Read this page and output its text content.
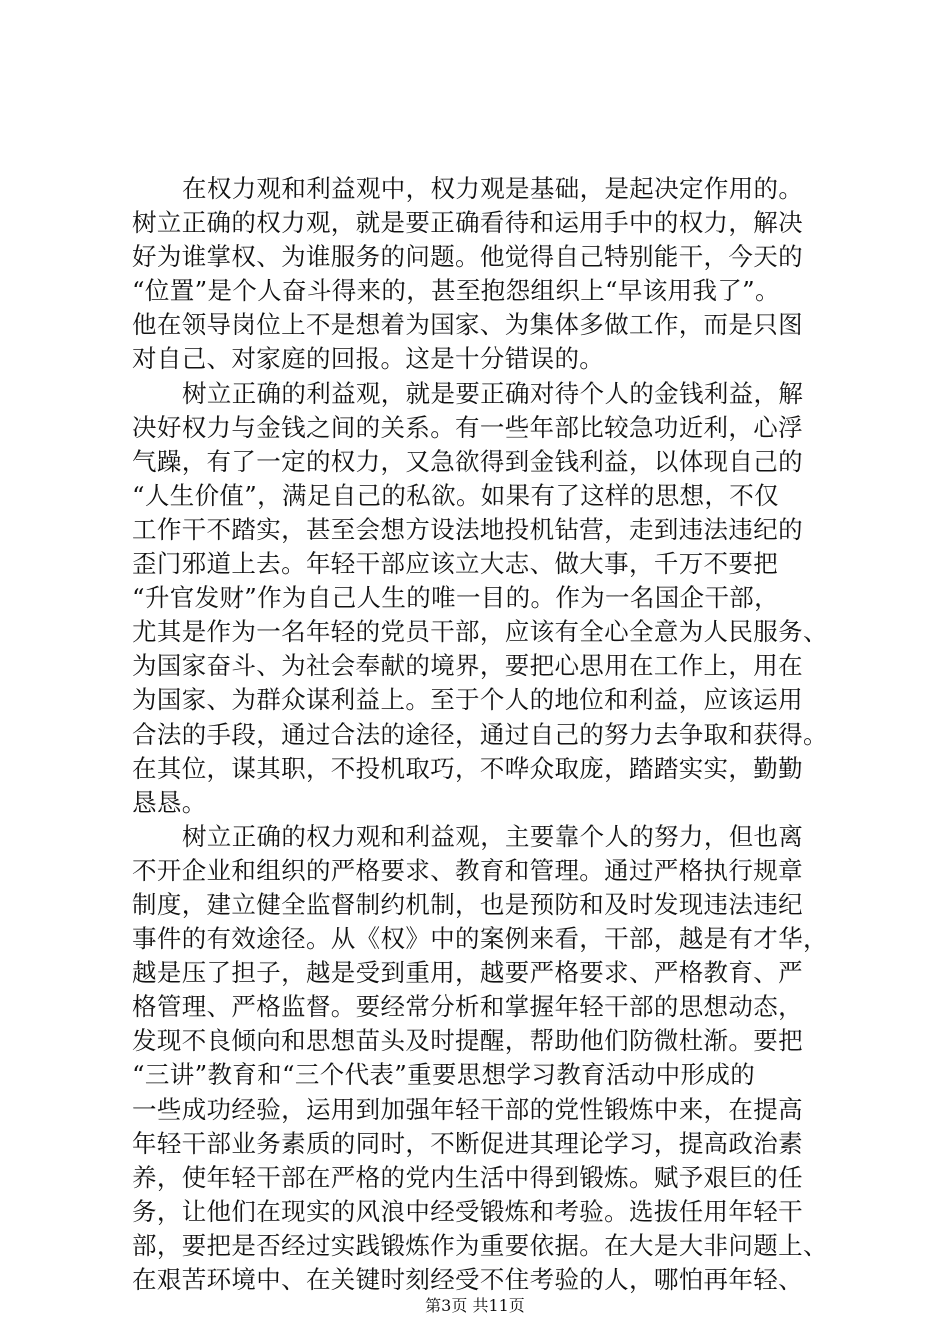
在权力观和利益观中，权力观是基础，是起决定作用的。
树立正确的权力观，就是要正确看待和运用手中的权力，解决
好为谁掌权、为谁服务的问题。他觉得自己特别能干，今天的
“位置”是个人奋斗得来的，甚至抱怨组织上“早该用我了”。
他在领导岗位上不是想着为国家、为集体多做工作，而是只图
对自己、对家庭的回报。这是十分错误的。
树立正确的利益观，就是要正确对待个人的金钱利益，解
决好权力与金钱之间的关系。有一些年部比较急功近利，心浮
气躁，有了一定的权力，又急欲得到金钱利益，以体现自己的
“人生价值”，满足自己的私欲。如果有了这样的思想，不仅
工作干不踏实，甚至会想方设法地投机钻营，走到违法违纪的
歪门邪道上去。年轻干部应该立大志、做大事，千万不要把
“升官发财”作为自己人生的唯一目的。作为一名国企干部，
尤其是作为一名年轻的党员干部，应该有全心全意为人民服务、
为国家奋斗、为社会奉献的境界，要把心思用在工作上，用在
为国家、为群众谋利益上。至于个人的地位和利益，应该运用
合法的手段，通过合法的途径，通过自己的努力去争取和获得。
在其位，谋其职，不投机取巧，不哗众取庞，踏踏实实，勤勤
恳恳。
树立正确的权力观和利益观，主要靠个人的努力，但也离
不开企业和组织的严格要求、教育和管理。通过严格执行规章
制度，建立健全监督制约机制，也是预防和及时发现违法违纪
事件的有效途径。从《权》中的案例来看，干部，越是有才华，
越是压了担子，越是受到重用，越要严格要求、严格教育、严
格管理、严格监督。要经常分析和掌握年轻干部的思想动态，
发现不良倾向和思想苗头及时提醒，帮助他们防微杜渐。要把
“三讲”教育和“三个代表”重要思想学习教育活动中形成的
一些成功经验，运用到加强年轻干部的党性锻炼中来，在提高
年轻干部业务素质的同时，不断促进其理论学习，提高政治素
养，使年轻干部在严格的党内生活中得到锻炼。赋予艰巨的任
务，让他们在现实的风浪中经受锻炼和考验。选拔任用年轻干
部，要把是否经过实践锻炼作为重要依据。在大是大非问题上、
在艰苦环境中、在关键时刻经受不住考验的人，哪怕再年轻、
第3页 共11页
